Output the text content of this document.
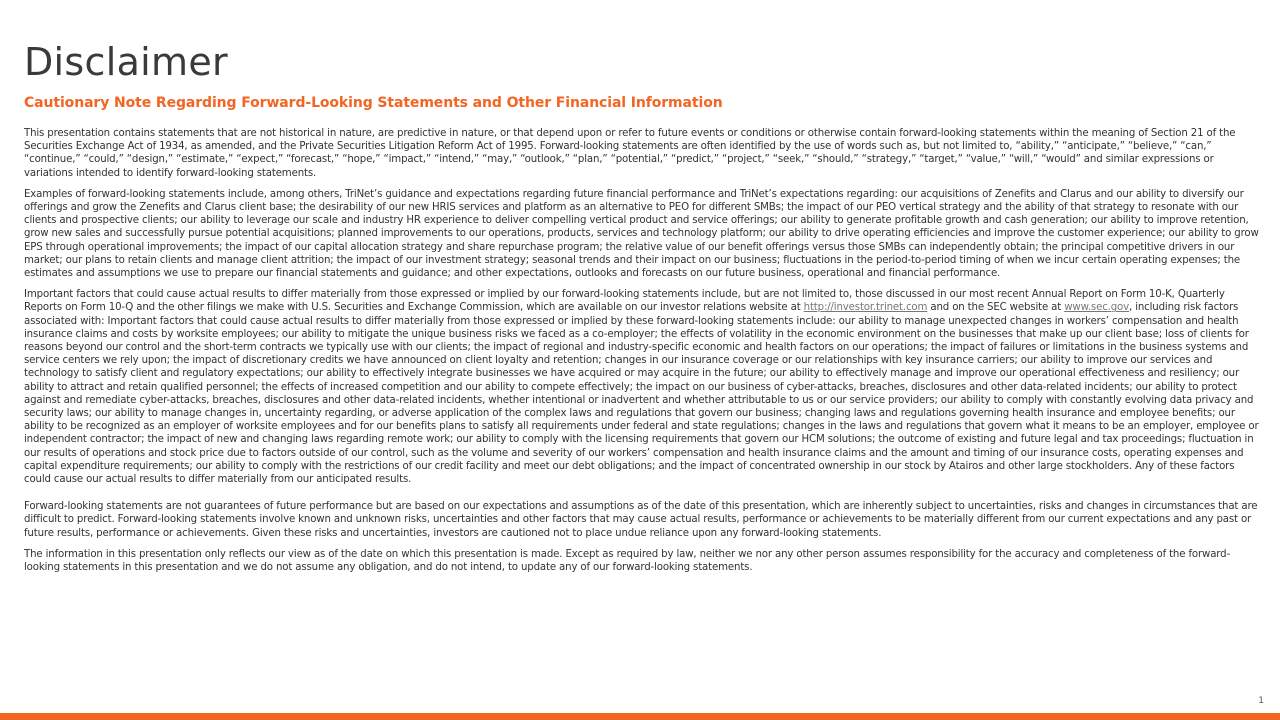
Disclaimer
Cautionary Note Regarding Forward-Looking Statements and Other Financial Information

This presentation contains statements that are not historical in nature, are predictive in nature, or that depend upon or refer to future events or conditions or otherwise contain forward-looking statements within the meaning of Section 21 of the Securities Exchange Act of 1934, as amended, and the Private Securities Litigation Reform Act of 1995. Forward-looking statements are often identified by the use of words such as, but not limited to, “ability,” “anticipate,” “believe,” “can,” “continue,” “could,” “design,” “estimate,” “expect,” “forecast,” “hope,” “impact,” “intend,” “may,” “outlook,” “plan,” “potential,” “predict,” “project,” “seek,” “should,” “strategy,” “target,” “value,” “will,” “would” and similar expressions or variations intended to identify forward-looking statements.

Examples of forward-looking statements include, among others, TriNet’s guidance and expectations regarding future financial performance and TriNet’s expectations regarding: our acquisitions of Zenefits and Clarus and our ability to diversify our offerings and grow the Zenefits and Clarus client base; the desirability of our new HRIS services and platform as an alternative to PEO for different SMBs; the impact of our PEO vertical strategy and the ability of that strategy to resonate with our clients and prospective clients; our ability to leverage our scale and industry HR experience to deliver compelling vertical product and service offerings; our ability to generate profitable growth and cash generation; our ability to improve retention, grow new sales and successfully pursue potential acquisitions; planned improvements to our operations, products, services and technology platform; our ability to drive operating efficiencies and improve the customer experience; our ability to grow EPS through operational improvements; the impact of our capital allocation strategy and share repurchase program; the relative value of our benefit offerings versus those SMBs can independently obtain; the principal competitive drivers in our market; our plans to retain clients and manage client attrition; the impact of our investment strategy; seasonal trends and their impact on our business; fluctuations in the period-to-period timing of when we incur certain operating expenses; the estimates and assumptions we use to prepare our financial statements and guidance; and other expectations, outlooks and forecasts on our future business, operational and financial performance.

Important factors that could cause actual results to differ materially from those expressed or implied by our forward-looking statements include, but are not limited to, those discussed in our most recent Annual Report on Form 10-K, Quarterly Reports on Form 10-Q and the other filings we make with U.S. Securities and Exchange Commission, which are available on our investor relations website at http://investor.trinet.com and on the SEC website at www.sec.gov, including risk factors associated with: Important factors that could cause actual results to differ materially from those expressed or implied by these forward-looking statements include: our ability to manage unexpected changes in workers’ compensation and health insurance claims and costs by worksite employees; our ability to mitigate the unique business risks we faced as a co-employer; the effects of volatility in the economic environment on the businesses that make up our client base; loss of clients for reasons beyond our control and the short-term contracts we typically use with our clients; the impact of regional and industry-specific economic and health factors on our operations; the impact of failures or limitations in the business systems and service centers we rely upon; the impact of discretionary credits we have announced on client loyalty and retention; changes in our insurance coverage or our relationships with key insurance carriers; our ability to improve our services and technology to satisfy client and regulatory expectations; our ability to effectively integrate businesses we have acquired or may acquire in the future; our ability to effectively manage and improve our operational effectiveness and resiliency; our ability to attract and retain qualified personnel; the effects of increased competition and our ability to compete effectively; the impact on our business of cyber-attacks, breaches, disclosures and other data-related incidents; our ability to protect against and remediate cyber-attacks, breaches, disclosures and other data-related incidents, whether intentional or inadvertent and whether attributable to us or our service providers; our ability to comply with constantly evolving data privacy and security laws; our ability to manage changes in, uncertainty regarding, or adverse application of the complex laws and regulations that govern our business; changing laws and regulations governing health insurance and employee benefits; our ability to be recognized as an employer of worksite employees and for our benefits plans to satisfy all requirements under federal and state regulations; changes in the laws and regulations that govern what it means to be an employer, employee or independent contractor; the impact of new and changing laws regarding remote work; our ability to comply with the licensing requirements that govern our HCM solutions; the outcome of existing and future legal and tax proceedings; fluctuation in our results of operations and stock price due to factors outside of our control, such as the volume and severity of our workers’ compensation and health insurance claims and the amount and timing of our insurance costs, operating expenses and capital expenditure requirements; our ability to comply with the restrictions of our credit facility and meet our debt obligations; and the impact of concentrated ownership in our stock by Atairos and other large stockholders. Any of these factors could cause our actual results to differ materially from our anticipated results.

Forward-looking statements are not guarantees of future performance but are based on our expectations and assumptions as of the date of this presentation, which are inherently subject to uncertainties, risks and changes in circumstances that are difficult to predict. Forward-looking statements involve known and unknown risks, uncertainties and other factors that may cause actual results, performance or achievements to be materially different from our current expectations and any past or future results, performance or achievements. Given these risks and uncertainties, investors are cautioned not to place undue reliance upon any forward-looking statements.

The information in this presentation only reflects our view as of the date on which this presentation is made. Except as required by law, neither we nor any other person assumes responsibility for the accuracy and completeness of the forward-looking statements in this presentation and we do not assume any obligation, and do not intend, to update any of our forward-looking statements.

1
